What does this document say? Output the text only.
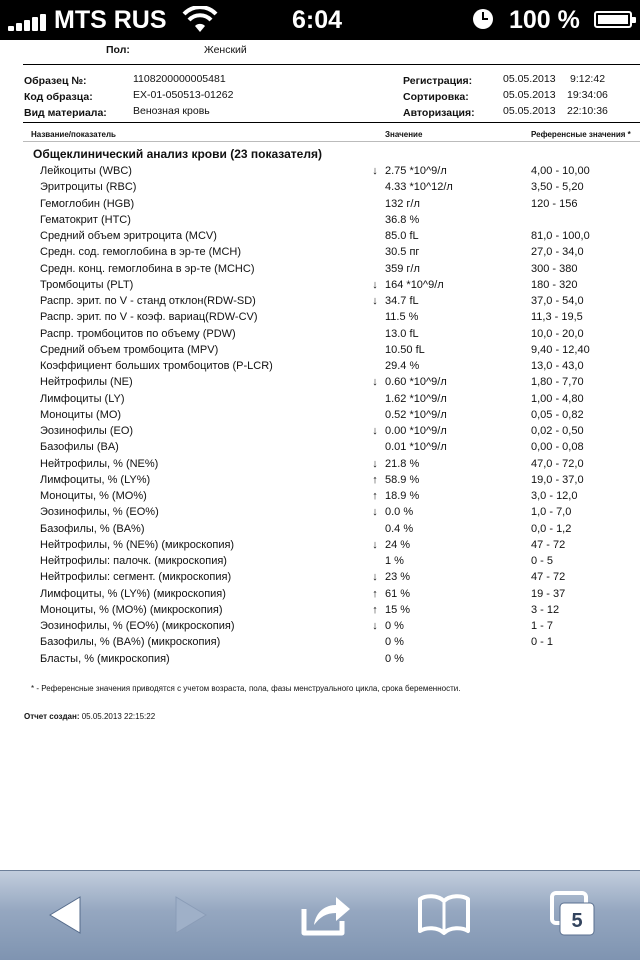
MTS RUS	6:04	100 %
Пол:	Женский
Образец №:	1108200000005481
Код образца:	EX-01-050513-01262
Вид материала: Венозная кровь
Регистрация:	05.05.2013 9:12:42
Сортировка:	05.05.2013 19:34:06
Авторизация:	05.05.2013 22:10:36
Название/показатель	Значение	Референсные значения *
Общеклинический анализ крови (23 показателя)
Лейкоциты (WBC)	↓ 2.75 *10^9/л	4,00 - 10,00
Эритроциты (RBC)	4.33 *10^12/л	3,50 - 5,20
Гемоглобин (HGB)	132 г/л	120 - 156
Гематокрит (HTC)	36.8 %
Средний объем эритроцита (MCV)	85.0 fL	81,0 - 100,0
Средн. сод. гемоглобина в эр-те (MCH)	30.5 пг	27,0 - 34,0
Средн. конц. гемоглобина в эр-те (MCHC)	359 г/л	300 - 380
Тромбоциты (PLT)	↓ 164 *10^9/л	180 - 320
Распр. эрит. по V - станд отклон(RDW-SD)	↓ 34.7 fL	37,0 - 54,0
Распр. эрит. по V - коэф. вариац(RDW-CV)	11.5 %	11,3 - 19,5
Распр. тромбоцитов по объему (PDW)	13.0 fL	10,0 - 20,0
Средний объем тромбоцита (MPV)	10.50 fL	9,40 - 12,40
Коэффициент больших тромбоцитов (P-LCR)	29.4 %	13,0 - 43,0
Нейтрофилы (NE)	↓ 0.60 *10^9/л	1,80 - 7,70
Лимфоциты (LY)	1.62 *10^9/л	1,00 - 4,80
Моноциты (MO)	0.52 *10^9/л	0,05 - 0,82
Эозинофилы (EO)	↓ 0.00 *10^9/л	0,02 - 0,50
Базофилы (BA)	0.01 *10^9/л	0,00 - 0,08
Нейтрофилы, % (NE%)	↓ 21.8 %	47,0 - 72,0
Лимфоциты, % (LY%)	↑ 58.9 %	19,0 - 37,0
Моноциты, % (MO%)	↑ 18.9 %	3,0 - 12,0
Эозинофилы, % (EO%)	↓ 0.0 %	1,0 - 7,0
Базофилы, % (BA%)	0.4 %	0,0 - 1,2
Нейтрофилы, % (NE%) (микроскопия)	↓ 24 %	47 - 72
Нейтрофилы: палочк. (микроскопия)	1 %	0 - 5
Нейтрофилы: сегмент. (микроскопия)	↓ 23 %	47 - 72
Лимфоциты, % (LY%) (микроскопия)	↑ 61 %	19 - 37
Моноциты, % (MO%) (микроскопия)	↑ 15 %	3 - 12
Эозинофилы, % (EO%) (микроскопия)	↓ 0 %	1 - 7
Базофилы, % (BA%) (микроскопия)	0 %	0 - 1
Бласты, % (микроскопия)	0 %
* - Референсные значения приводятся с учетом возраста, пола, фазы менструального цикла, срока беременности.
Отчет создан: 05.05.2013 22:15:22
5
